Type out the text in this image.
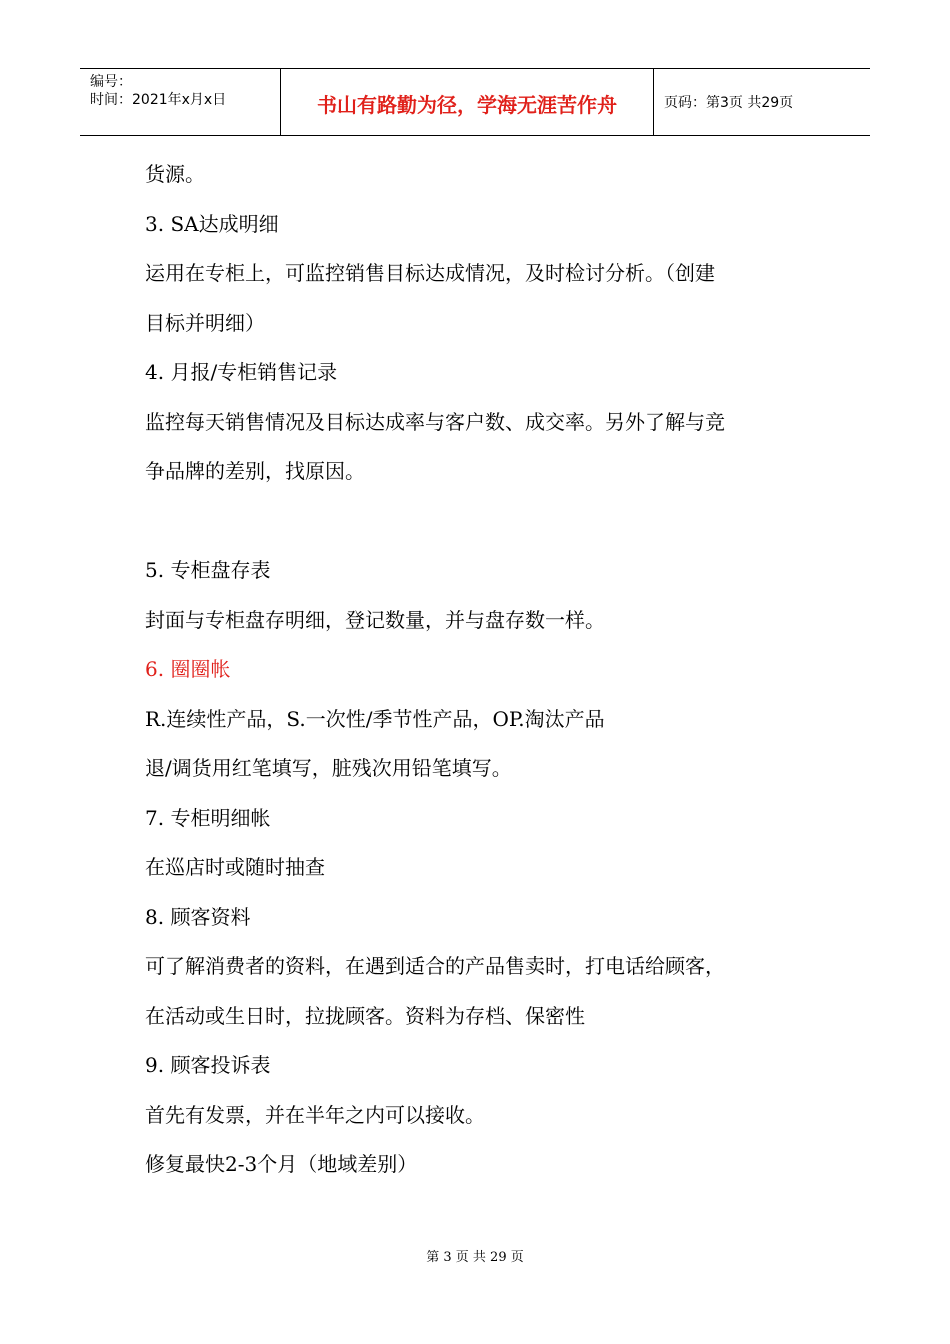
编号：
时间：2021年x月x日	书山有路勤为径，学海无涯苦作舟	页码：第3页 共29页

货源。

3. SA达成明细

运用在专柜上，可监控销售目标达成情况，及时检讨分析。（创建

目标并明细）

4. 月报/专柜销售记录

监控每天销售情况及目标达成率与客户数、成交率。另外了解与竞

争品牌的差别，找原因。

5. 专柜盘存表

封面与专柜盘存明细，登记数量，并与盘存数一样。

6. 圈圈帐

R.连续性产品，S.一次性/季节性产品，OP.淘汰产品

退/调货用红笔填写，脏残次用铅笔填写。

7. 专柜明细帐

在巡店时或随时抽查

8. 顾客资料

可了解消费者的资料，在遇到适合的产品售卖时，打电话给顾客，

在活动或生日时，拉拢顾客。资料为存档、保密性

9. 顾客投诉表

首先有发票，并在半年之内可以接收。

修复最快2-3个月（地域差别）

第 3 页 共 29 页
